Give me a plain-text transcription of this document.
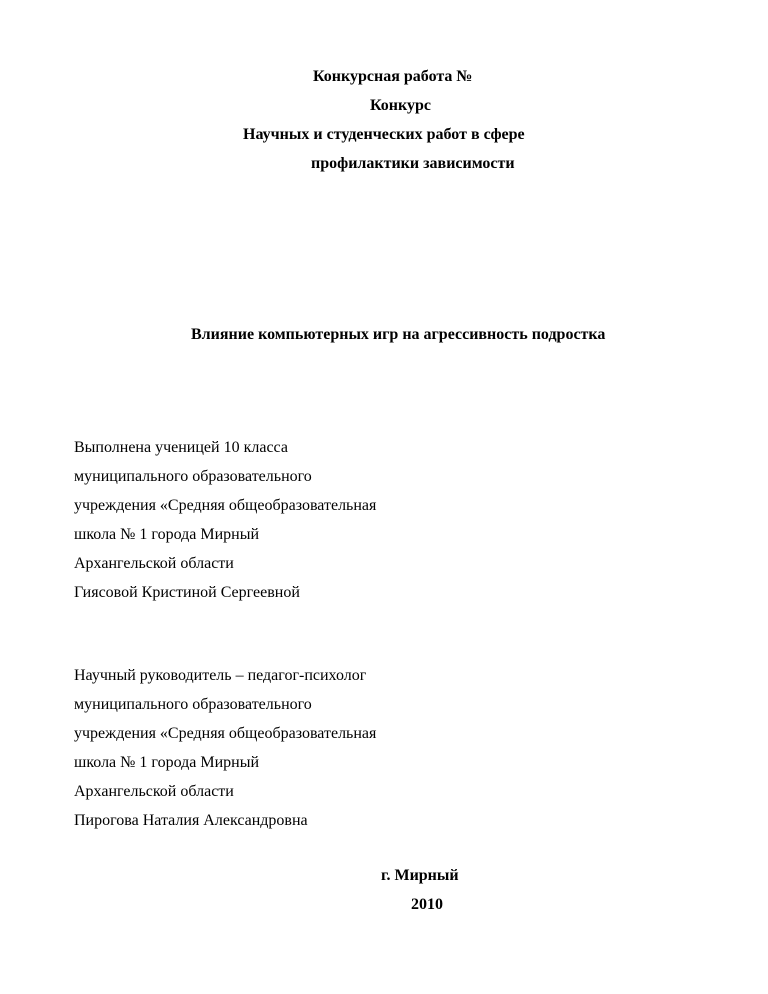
Конкурсная работа №
Конкурс
Научных и студенческих работ в сфере
профилактики зависимости
Влияние компьютерных игр на агрессивность подростка
Выполнена ученицей 10 класса
муниципального образовательного
учреждения «Средняя общеобразовательная
школа № 1 города Мирный
Архангельской области
Гиясовой Кристиной Сергеевной
Научный руководитель – педагог-психолог
муниципального образовательного
учреждения «Средняя общеобразовательная
школа № 1 города Мирный
Архангельской области
Пирогова Наталия Александровна
г. Мирный
2010
